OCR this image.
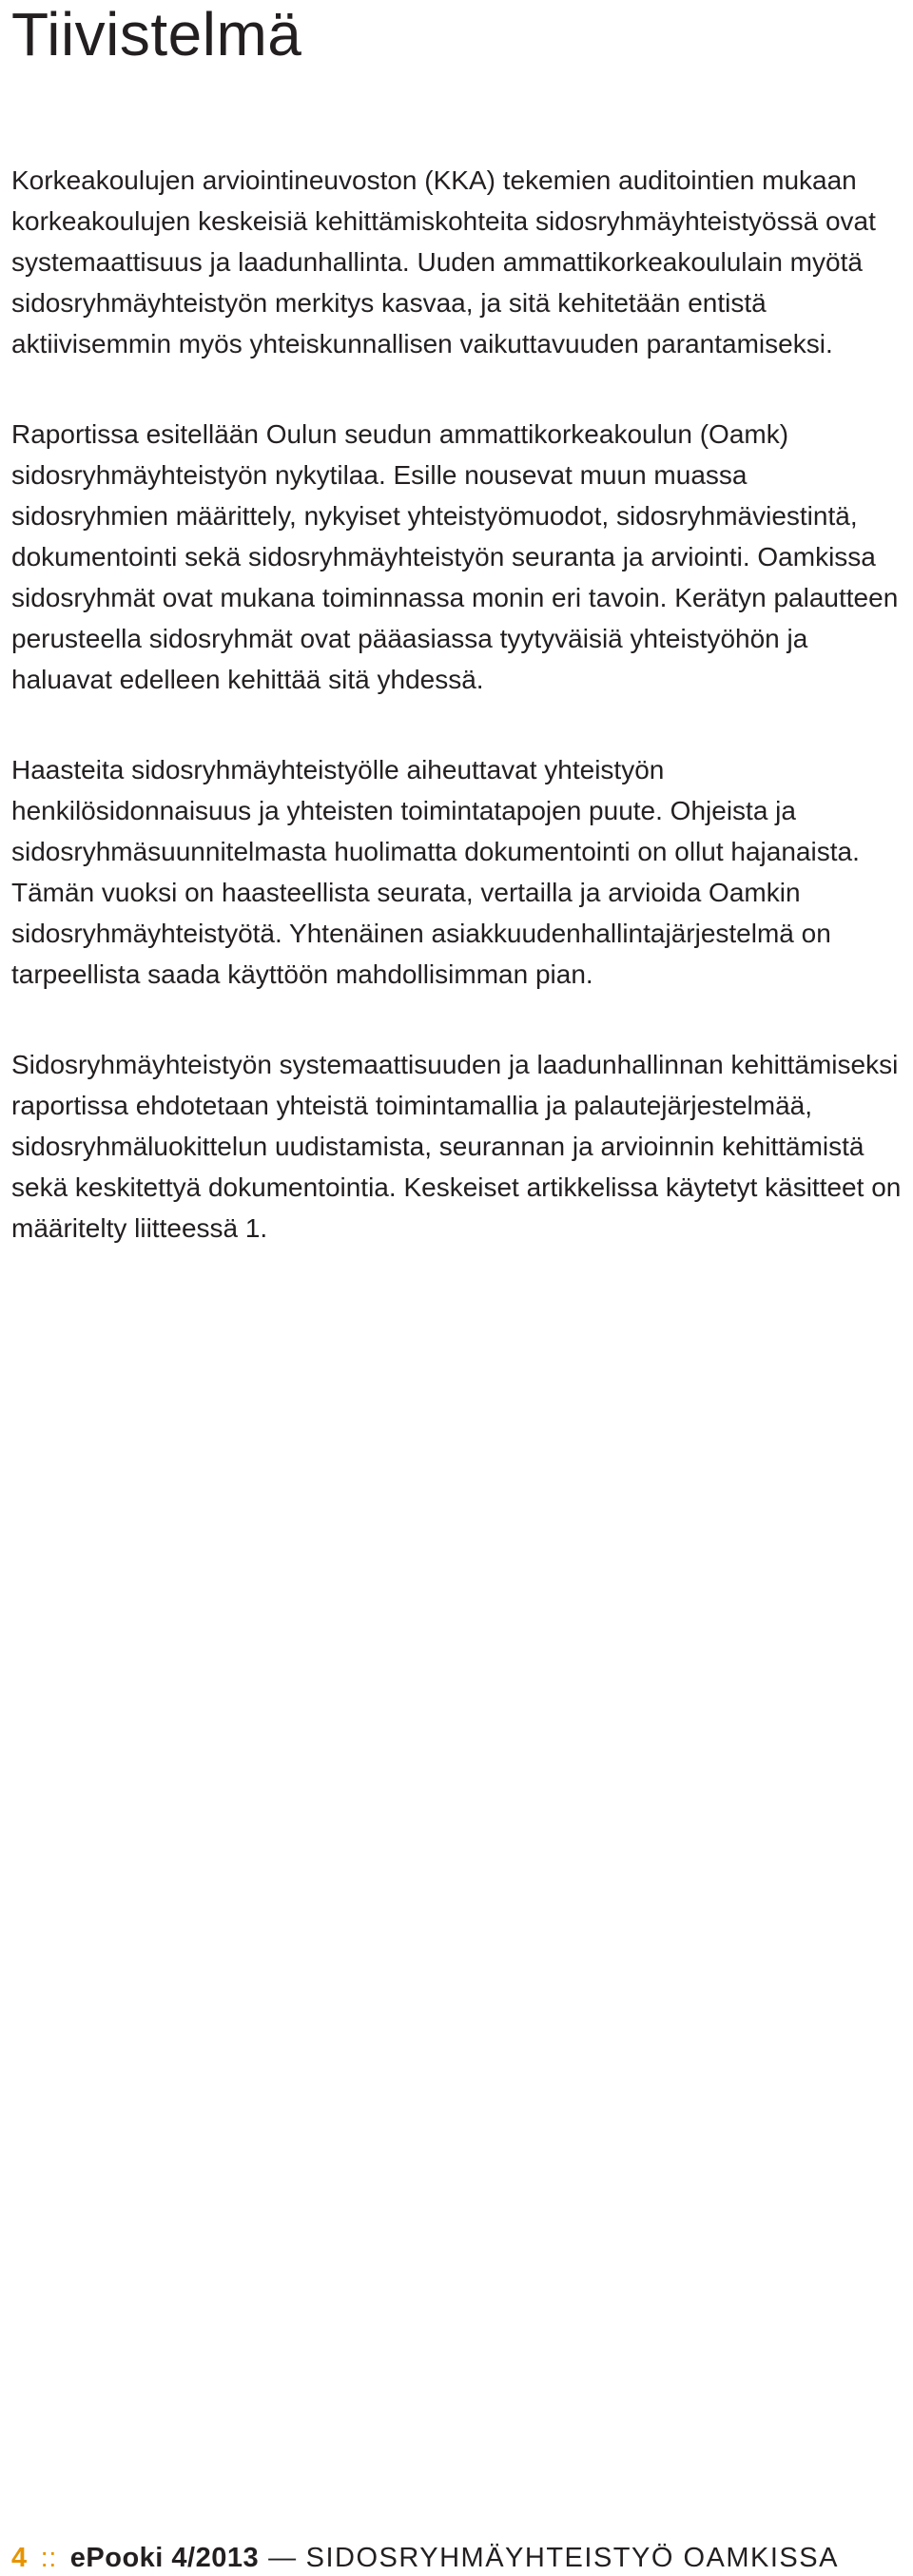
Tiivistelmä

Korkeakoulujen arviointineuvoston (KKA) tekemien auditointien mukaan korkeakoulujen keskeisiä kehittämiskohteita sidosryhmäyhteistyössä ovat systemaattisuus ja laadunhallinta. Uuden ammattikorkeakoululain myötä sidosryhmäyhteistyön merkitys kasvaa, ja sitä kehitetään entistä aktiivisemmin myös yhteiskunnallisen vaikuttavuuden parantamiseksi.

Raportissa esitellään Oulun seudun ammattikorkeakoulun (Oamk) sidosryhmäyhteistyön nykytilaa. Esille nousevat muun muassa sidosryhmien määrittely, nykyiset yhteistyömuodot, sidosryhmäviestintä, dokumentointi sekä sidosryhmäyhteistyön seuranta ja arviointi. Oamkissa sidosryhmät ovat mukana toiminnassa monin eri tavoin. Kerätyn palautteen perusteella sidosryhmät ovat pääasiassa tyytyväisiä yhteistyöhön ja haluavat edelleen kehittää sitä yhdessä.

Haasteita sidosryhmäyhteistyölle aiheuttavat yhteistyön henkilösidonnaisuus ja yhteisten toimintatapojen puute. Ohjeista ja sidosryhmäsuunnitelmasta huolimatta dokumentointi on ollut hajanaista. Tämän vuoksi on haasteellista seurata, vertailla ja arvioida Oamkin sidosryhmäyhteistyötä. Yhtenäinen asiakkuudenhallintajärjestelmä on tarpeellista saada käyttöön mahdollisimman pian.

Sidosryhmäyhteistyön systemaattisuuden ja laadunhallinnan kehittämiseksi raportissa ehdotetaan yhteistä toimintamallia ja palautejärjestelmää, sidosryhmäluokittelun uudistamista, seurannan ja arvioinnin kehittämistä sekä keskitettyä dokumentointia. Keskeiset artikkelissa käytetyt käsitteet on määritelty liitteessä 1.

4 :: ePooki 4/2013 — SIDOSRYHMÄYHTEISTYÖ OAMKISSA
